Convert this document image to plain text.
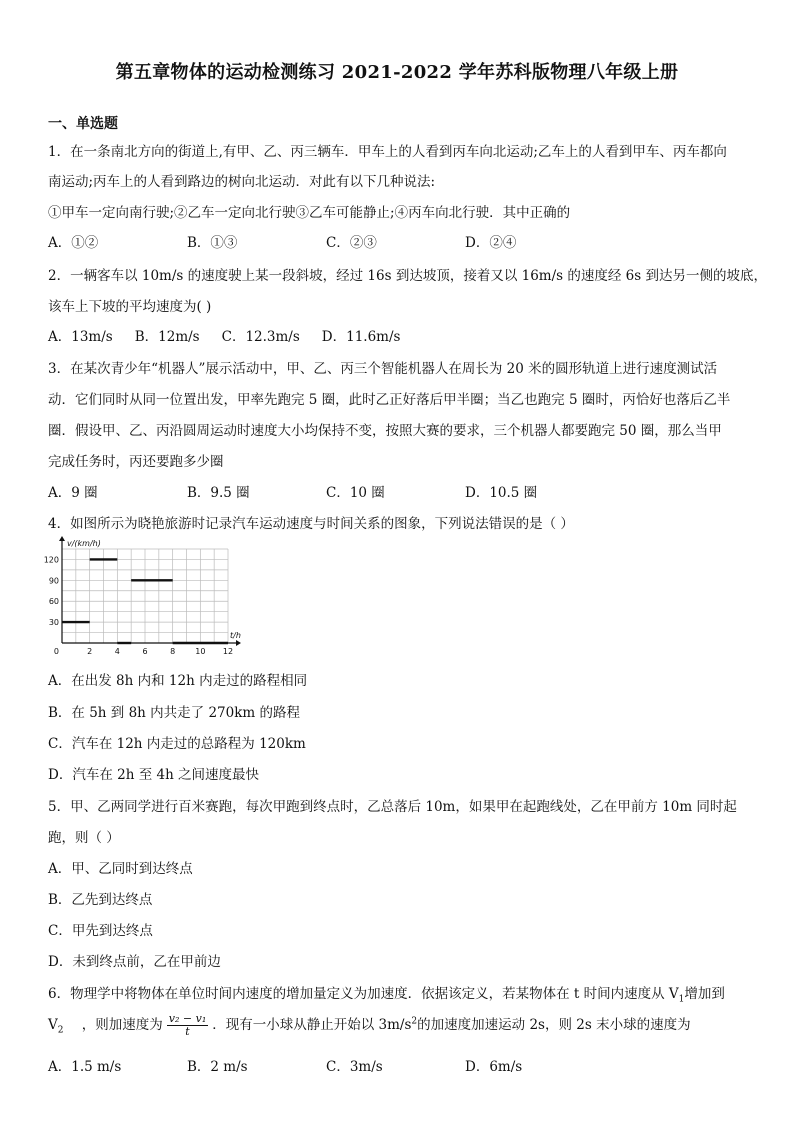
第五章物体的运动检测练习 2021-2022 学年苏科版物理八年级上册
一、单选题
1．在一条南北方向的街道上,有甲、乙、丙三辆车．甲车上的人看到丙车向北运动;乙车上的人看到甲车、丙车都向
南运动;丙车上的人看到路边的树向北运动．对此有以下几种说法:
①甲车一定向南行驶;②乙车一定向北行驶③乙车可能静止;④丙车向北行驶．其中正确的
A．①②	B．①③	C．②③	D．②④
2．一辆客车以 10m/s 的速度驶上某一段斜坡，经过 16s 到达坡顶，接着又以 16m/s 的速度经 6s 到达另一侧的坡底，
该车上下坡的平均速度为( )
A．13m/s B．12m/s C．12.3m/s D．11.6m/s
3．在某次青少年“机器人”展示活动中，甲、乙、丙三个智能机器人在周长为 20 米的圆形轨道上进行速度测试活
动．它们同时从同一位置出发，甲率先跑完 5 圈，此时乙正好落后甲半圈；当乙也跑完 5 圈时，丙恰好也落后乙半
圈．假设甲、乙、丙沿圆周运动时速度大小均保持不变，按照大赛的要求，三个机器人都要跑完 50 圈，那么当甲
完成任务时，丙还要跑多少圈
A．9 圈	B．9.5 圈	C．10 圈	D．10.5 圈
4．如图所示为晓艳旅游时记录汽车运动速度与时间关系的图象，下列说法错误的是（ ）
2	4	6	8	10 12
30
60
90
120
0
v/(km/h)
t/h
A．在出发 8h 内和 12h 内走过的路程相同
B．在 5h 到 8h 内共走了 270km 的路程
C．汽车在 12h 内走过的总路程为 120km
D．汽车在 2h 至 4h 之间速度最快
5．甲、乙两同学进行百米赛跑，每次甲跑到终点时，乙总落后 10m，如果甲在起跑线处，乙在甲前方 10m 同时起
跑，则（ ）
A．甲、乙同时到达终点
B．乙先到达终点
C．甲先到达终点
D．未到终点前，乙在甲前边
6．物理学中将物体在单位时间内速度的增加量定义为加速度．依据该定义，若某物体在 t 时间内速度从 $V_1$增加到
$V_2$ ，则加速度为 $\frac{\text{v₂ − v₁}}{t}$ ．现有一小球从静止开始以 $3m/s^2$的加速度加速运动 2s，则 2s 末小球的速度为
A．1.5 m/s	B．2 m/s	C．3m/s	D．6m/s
